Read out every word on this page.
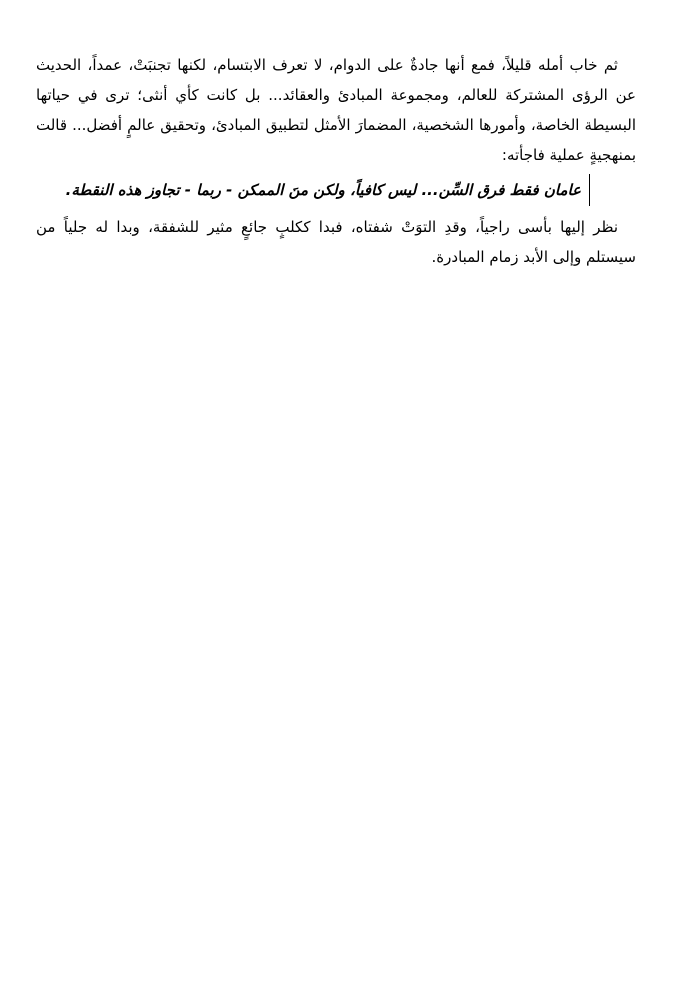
ثم خاب أمله قليلاً، فمع أنها جادةٌ على الدوام، لا تعرف الابتسام، لكنها تجنبَتْ، عمداً، الحديث عن الرؤى المشتركة للعالم، ومجموعة المبادئ والعقائد... بل كانت كأي أنثى؛ ترى في حياتها البسيطة الخاصة، وأمورها الشخصية، المضمارَ الأمثل لتطبيق المبادئ، وتحقيق عالمٍ أفضل... قالت بمنهجيةٍ عملية فاجأته:

عامان فقط فرق السِّن... ليس كافياً، ولكن منَ الممكن - ربما - تجاوز هذه النقطة.

نظر إليها بأسى راجياً، وقدِ التوَتْ شفتاه، فبدا ككلبٍ جائعٍ مثير للشفقة، وبدا له جلياً من سيستلم وإلى الأبد زمام المبادرة.
